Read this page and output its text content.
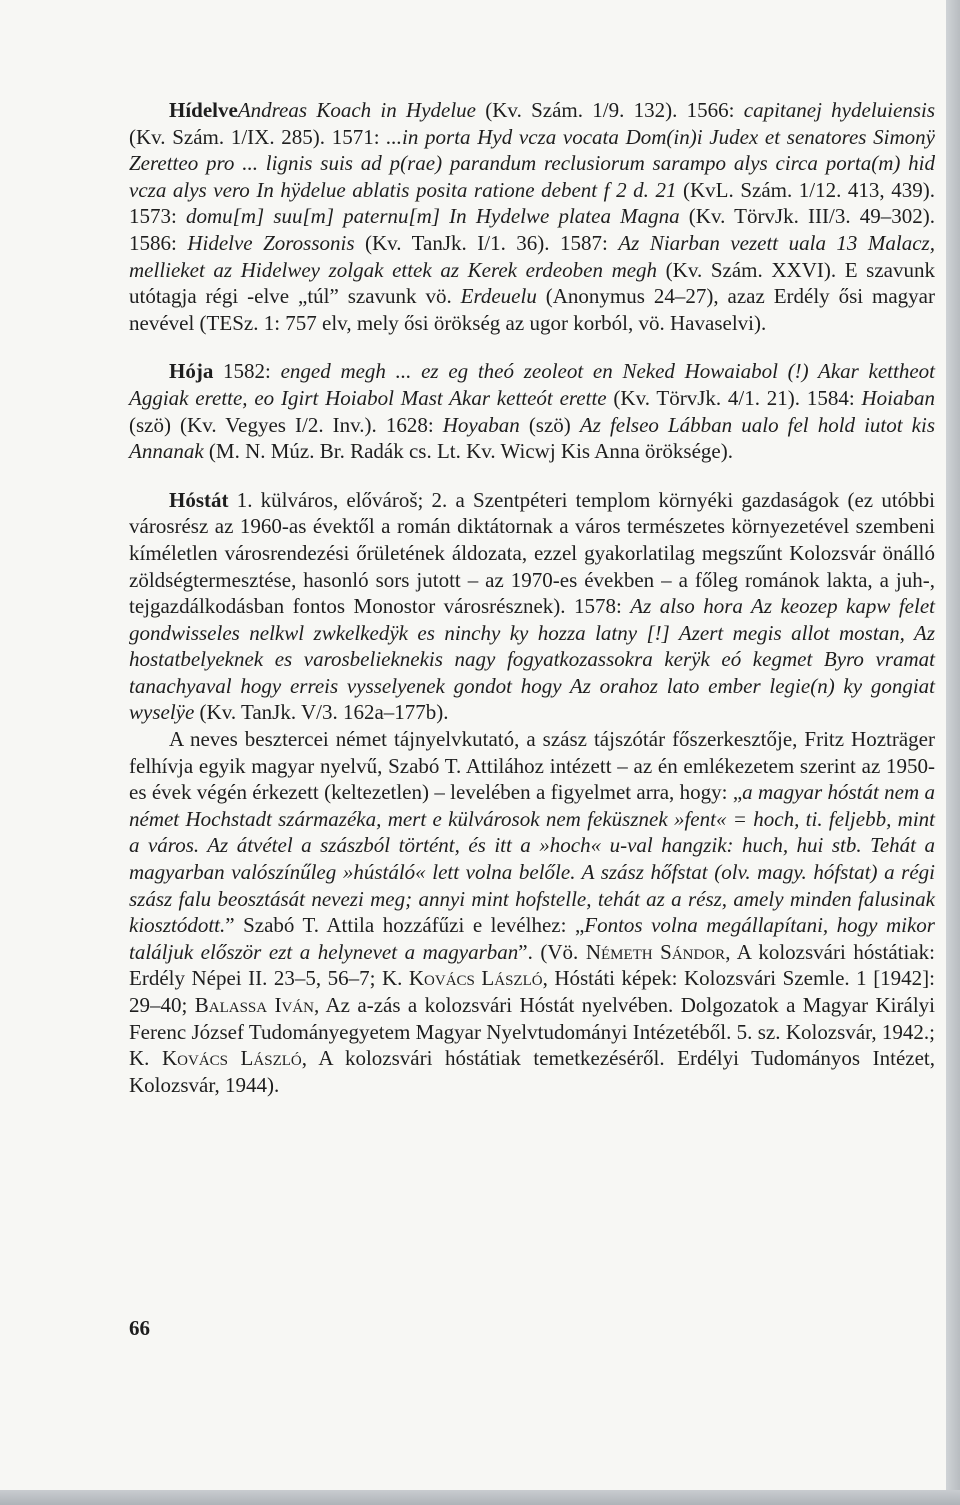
HídelveAndreas Koach in Hydelue (Kv. Szám. 1/9. 132). 1566: capitanej hydeluiensis (Kv. Szám. 1/IX. 285). 1571: ...in porta Hyd vcza vocata Dom(in)i Judex et senatores Simonÿ Zeretteo pro ... lignis suis ad p(rae) parandum reclusiorum sarampo alys circa porta(m) hid vcza alys vero In hÿdelue ablatis posita ratione debent f 2 d. 21 (KvL. Szám. 1/12. 413, 439). 1573: domu[m] suu[m] paternu[m] In Hydelwe platea Magna (Kv. TörvJk. III/3. 49–302). 1586: Hidelve Zorossonis (Kv. TanJk. I/1. 36). 1587: Az Niarban vezett uala 13 Malacz, mellieket az Hidelwey zolgak ettek az Kerek erdeoben megh (Kv. Szám. XXVI). E szavunk utótagja régi -elve „túl” szavunk vö. Erdeuelu (Anonymus 24–27), azaz Erdély ősi magyar nevével (TESz. 1: 757 elv, mely ősi örökség az ugor korból, vö. Havaselvi).

Hója 1582: enged megh ... ez eg theó zeoleot en Neked Howaiabol (!) Akar kettheot Aggiak erette, eo Igirt Hoiabol Mast Akar ketteót erette (Kv. TörvJk. 4/1. 21). 1584: Hoiaban (szö) (Kv. Vegyes I/2. Inv.). 1628: Hoyaban (szö) Az felseo Lábban ualo fel hold iutot kis Annanak (M. N. Múz. Br. Radák cs. Lt. Kv. Wicwj Kis Anna öröksége).

Hóstát 1. külváros, elővároš; 2. a Szentpéteri templom környéki gazdaságok (ez utóbbi városrész az 1960-as évektől a román diktátornak a város természetes környezetével szembeni kíméletlen városrendezési őrületének áldozata, ezzel gyakorlatilag megszűnt Kolozsvár önálló zöldségtermesztése, hasonló sors jutott – az 1970-es években – a főleg románok lakta, a juh-, tejgazdálkodásban fontos Monostor városrésznek). 1578: Az also hora Az keozep kapw felet gondwisseles nelkwl zwkelkedÿk es ninchy ky hozza latny [!] Azert megis allot mostan, Az hostatbelyeknek es varosbelieknekis nagy fogyatkozassokra kerÿk eó kegmet Byro vramat tanachyaval hogy erreis vysselyenek gondot hogy Az orahoz lato ember legie(n) ky gongiat wyselÿe (Kv. TanJk. V/3. 162a–177b).

A neves besztercei német tájnyelvkutató, a szász tájszótár főszerkesztője, Fritz Hozträger felhívja egyik magyar nyelvű, Szabó T. Attilához intézett – az én emlékezetem szerint az 1950-es évek végén érkezett (keltezetlen) – levelében a figyelmet arra, hogy: „a magyar hóstát nem a német Hochstadt származéka, mert e külvárosok nem feküsznek »fent« = hoch, ti. feljebb, mint a város. Az átvétel a szászból történt, és itt a »hoch« u-val hangzik: huch, hui stb. Tehát a magyarban valószínűleg »hústáló« lett volna belőle. A szász hőfstat (olv. magy. hófstat) a régi szász falu beosztását nevezi meg; annyi mint hofstelle, tehát az a rész, amely minden falusinak kiosztódott.” Szabó T. Attila hozzáfűzi e levélhez: „Fontos volna megállapítani, hogy mikor találjuk először ezt a helynevet a magyarban”. (Vö. Németh Sándor, A kolozsvári hóstátiak: Erdély Népei II. 23–5, 56–7; K. Kovács László, Hóstáti képek: Kolozsvári Szemle. 1 [1942]: 29–40; Balassa Iván, Az a-zás a kolozsvári Hóstát nyelvében. Dolgozatok a Magyar Királyi Ferenc József Tudományegyetem Magyar Nyelvtudományi Intézetéből. 5. sz. Kolozsvár, 1942.; K. Kovács László, A kolozsvári hóstátiak temetkezéséről. Erdélyi Tudományos Intézet, Kolozsvár, 1944).

66
